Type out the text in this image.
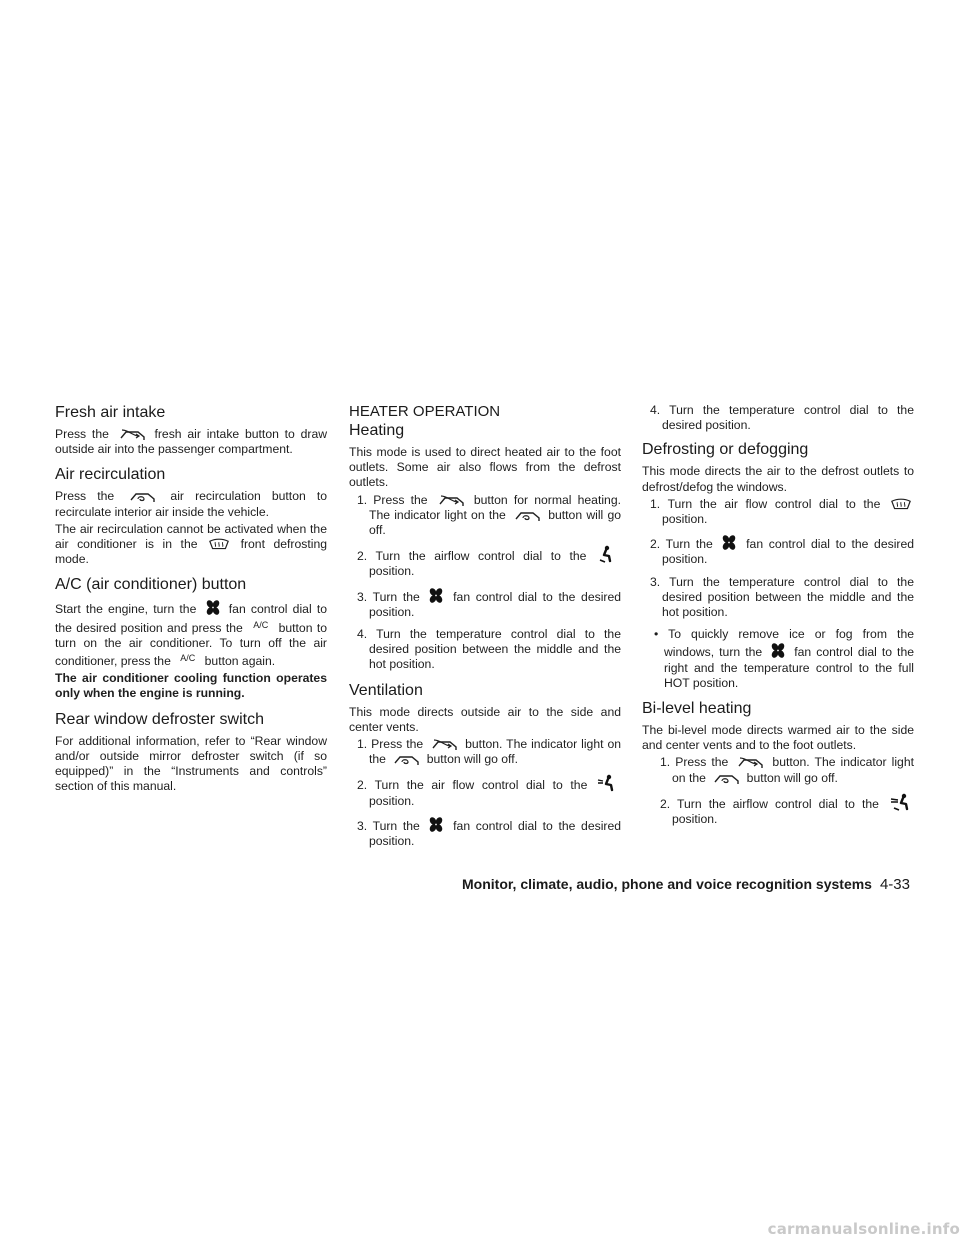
Fresh air intake

Press the	fresh air intake button to draw outside air into the passenger compartment.

Air recirculation

Press the	air recirculation button to recirculate interior air inside the vehicle.

The air recirculation cannot be activated when the air conditioner is in the	front defrosting mode.

A/C (air conditioner) button

Start the engine, turn the	fan control dial to the desired position and press the A/C button to turn on the air conditioner. To turn off the air conditioner, press the A/C button again.

The air conditioner cooling function operates only when the engine is running.

Rear window defroster switch

For additional information, refer to “Rear window and/or outside mirror defroster switch (if so equipped)” in the “Instruments and controls” section of this manual.

HEATER OPERATION
Heating

This mode is used to direct heated air to the foot outlets. Some air also flows from the defrost outlets.

1. Press the	button for normal heating. The indicator light on the	button will go off.
2. Turn the airflow control dial to the
position.
3. Turn the	fan control dial to the desired position.
4. Turn the temperature control dial to the desired position between the middle and the hot position.
Ventilation

This mode directs outside air to the side and center vents.

1. Press the	button. The indicator light on the	button will go off.
2. Turn the air flow control dial to the
position.
3. Turn the	fan control dial to the desired position.
4. Turn the temperature control dial to the desired position.
Defrosting or defogging

This mode directs the air to the defrost outlets to defrost/defog the windows.

1. Turn the air flow control dial to the
position.
2. Turn the	fan control dial to the desired position.
3. Turn the temperature control dial to the desired position between the middle and the hot position.
• To quickly remove ice or fog from the windows, turn the	fan control dial to the right and the temperature control to the full HOT position.
Bi-level heating

The bi-level mode directs warmed air to the side and center vents and to the foot outlets.

1. Press the	button. The indicator light on the	button will go off.
2. Turn the airflow control dial to the
position.
Monitor, climate, audio, phone and voice recognition systems 4-33
carmanualsonline.info
